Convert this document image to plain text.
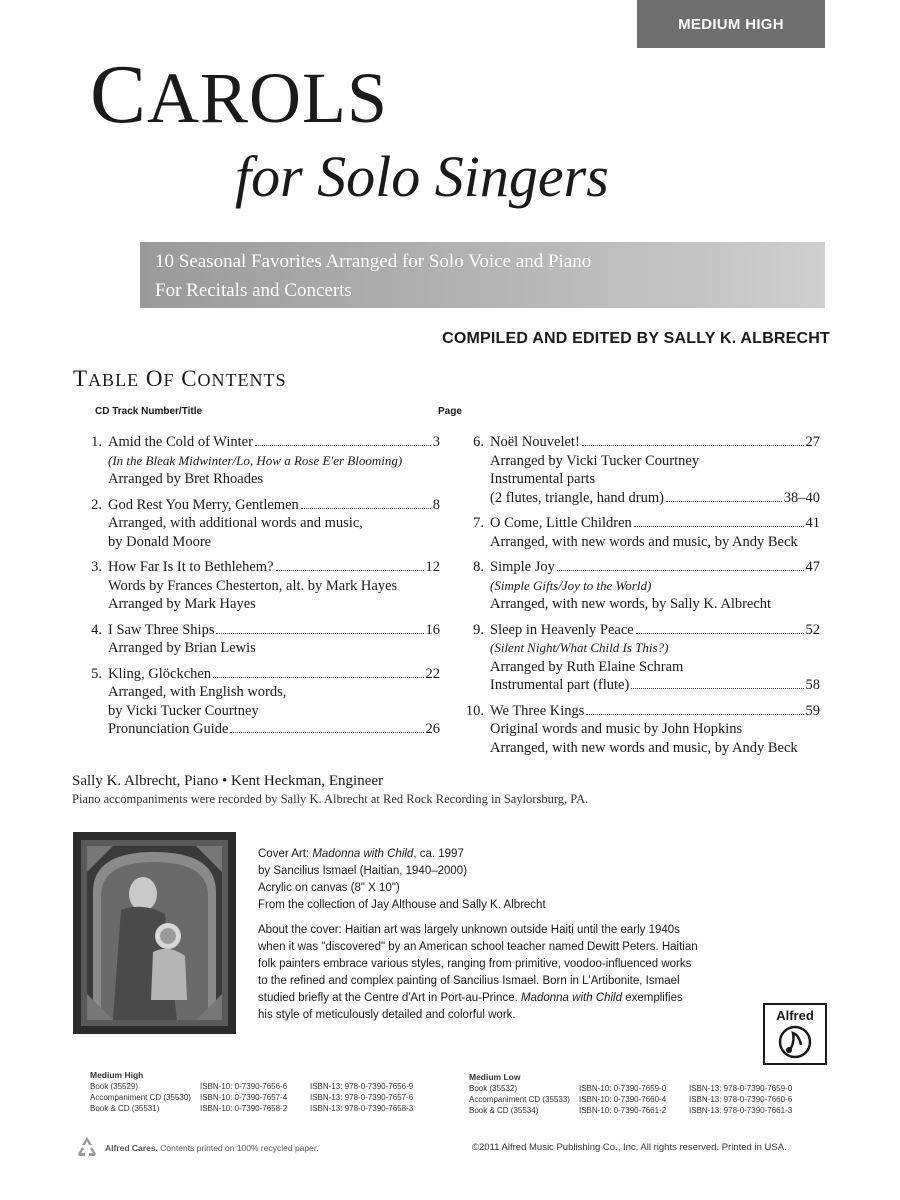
MEDIUM HIGH
CAROLS
for Solo Singers
10 Seasonal Favorites Arranged for Solo Voice and Piano
For Recitals and Concerts
COMPILED AND EDITED BY SALLY K. ALBRECHT
TABLE OF CONTENTS
CD Track Number/Title	Page
1. Amid the Cold of Winter	3
(In the Bleak Midwinter/Lo, How a Rose E'er Blooming)
Arranged by Bret Rhoades
2. God Rest You Merry, Gentlemen	8
Arranged, with additional words and music,
by Donald Moore
3. How Far Is It to Bethlehem?	12
Words by Frances Chesterton, alt. by Mark Hayes
Arranged by Mark Hayes
4. I Saw Three Ships	16
Arranged by Brian Lewis
5. Kling, Glöckchen	22
Arranged, with English words,
by Vicki Tucker Courtney
Pronunciation Guide	26
6. Noël Nouvelet!	27
Arranged by Vicki Tucker Courtney
Instrumental parts
(2 flutes, triangle, hand drum)	38–40
7. O Come, Little Children	41
Arranged, with new words and music, by Andy Beck
8. Simple Joy	47
(Simple Gifts/Joy to the World)
Arranged, with new words, by Sally K. Albrecht
9. Sleep in Heavenly Peace	52
(Silent Night/What Child Is This?)
Arranged by Ruth Elaine Schram
Instrumental part (flute)	58
10. We Three Kings	59
Original words and music by John Hopkins
Arranged, with new words and music, by Andy Beck
Sally K. Albrecht, Piano • Kent Heckman, Engineer
Piano accompaniments were recorded by Sally K. Albrecht at Red Rock Recording in Saylorsburg, PA.

Cover Art: Madonna with Child, ca. 1997
by Sancilius Ismael (Haitian, 1940–2000)
Acrylic on canvas (8" X 10")
From the collection of Jay Althouse and Sally K. Albrecht

About the cover: Haitian art was largely unknown outside Haiti until the early 1940s when it was "discovered" by an American school teacher named Dewitt Peters. Haitian folk painters embrace various styles, ranging from primitive, voodoo-influenced works to the refined and complex painting of Sancilius Ismael. Born in L'Artibonite, Ismael studied briefly at the Centre d'Art in Port-au-Prince. Madonna with Child exemplifies his style of meticulously detailed and colorful work.	Alfred
Medium High
Book (35529)	ISBN-10: 0-7390-7656-6	ISBN-13: 978-0-7390-7656-9
Accompaniment CD (35530)	ISBN-10: 0-7390-7657-4	ISBN-13: 978-0-7390-7657-6
Book & CD (35531)	ISBN-10: 0-7390-7658-2	ISBN-13: 978-0-7390-7658-3
Medium Low
Book (35532)	ISBN-10: 0-7390-7659-0	ISBN-13: 978-0-7390-7659-0
Accompaniment CD (35533)	ISBN-10: 0-7390-7660-4	ISBN-13: 978-0-7390-7660-6
Book & CD (35534)	ISBN-10: 0-7390-7661-2	ISBN-13: 978-0-7390-7661-3
Alfred Cares. Contents printed on 100% recycled paper.	©2011 Alfred Music Publishing Co., Inc. All rights reserved. Printed in USA.
